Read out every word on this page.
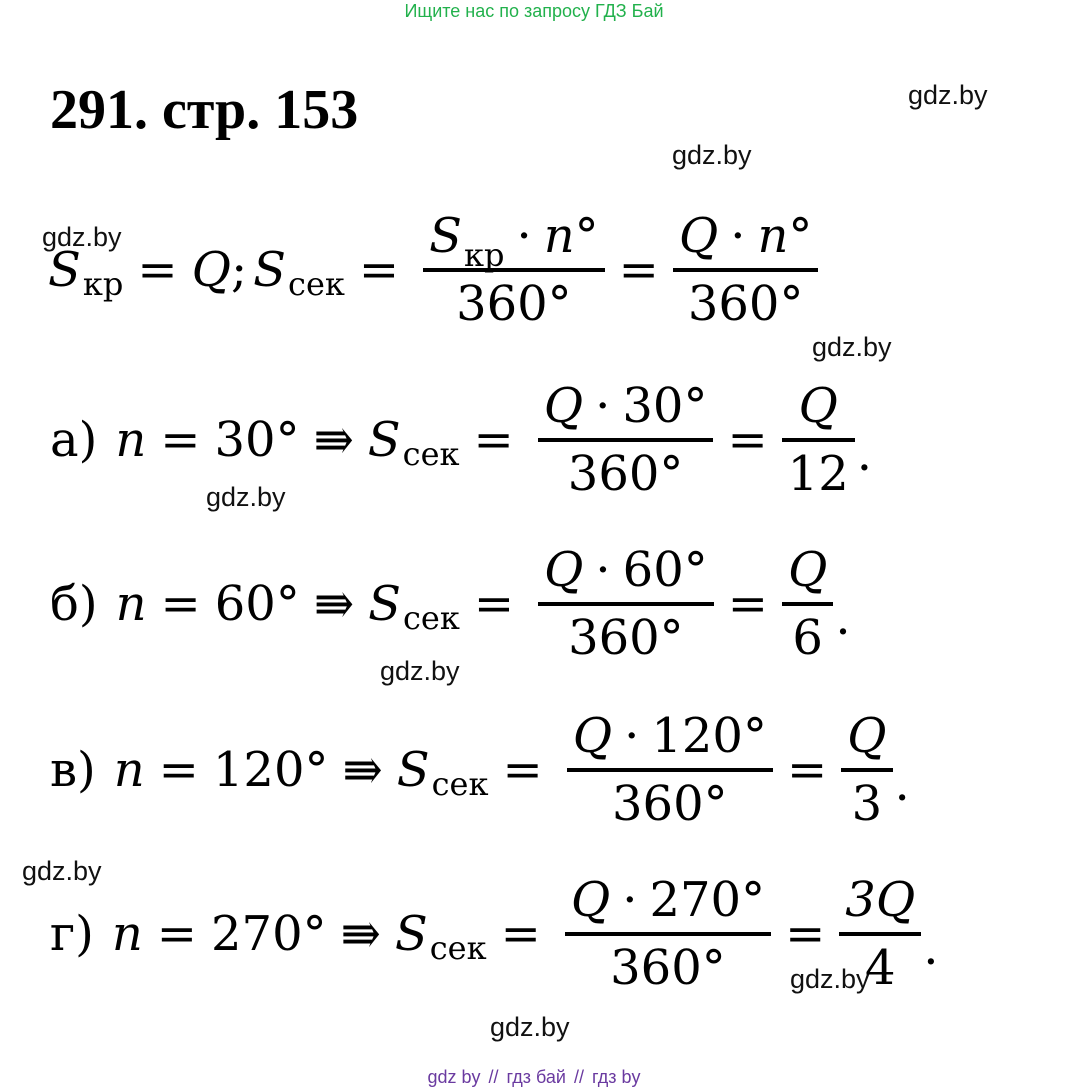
Ищите нас по запросу ГДЗ Бай
291. стр. 153	gdz.by
gdz.by
gdz.by
gdz.by
gdz.by
gdz.by
gdz.by
gdz.by
gdz.by
S кр = Q ; S сек = $\frac{\text{S кр · n°}}{360^\circ} = \frac{Q \cdot n^\circ}{360^\circ}$
а) n = 30° ⇛ S сек = $\frac{Q \cdot 30^\circ}{360^\circ} = \frac{Q}{12}$ .
б) n = 60° ⇛ S сек = $\frac{Q \cdot 60^\circ}{360^\circ} = \frac{Q}{6}$ .
в) n = 120° ⇛ S сек = $\frac{Q \cdot 120^\circ}{360^\circ} = \frac{Q}{3}$ .
г) n = 270° ⇛ S сек = $\frac{Q \cdot 270^\circ}{360^\circ} = \frac{3Q}{4}$ .
gdz by // гдз бай // гдз by
